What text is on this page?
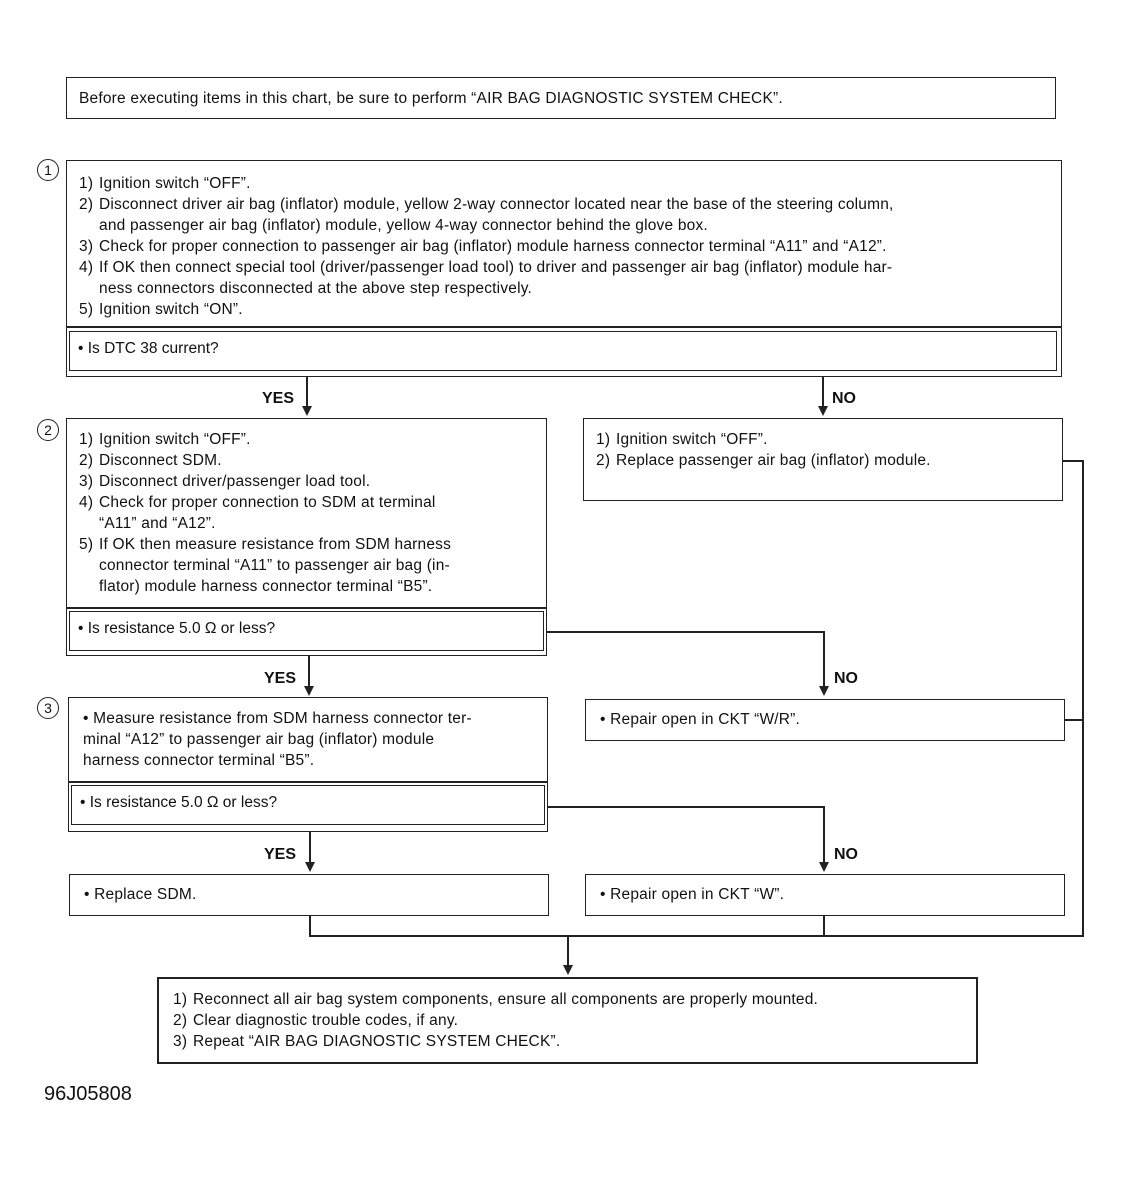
Before executing items in this chart, be sure to perform “AIR BAG DIAGNOSTIC SYSTEM CHECK”.
1
1) Ignition switch “OFF”.
2) Disconnect driver air bag (inflator) module, yellow 2-way connector located near the base of the steering column,
and passenger air bag (inflator) module, yellow 4-way connector behind the glove box.
3) Check for proper connection to passenger air bag (inflator) module harness connector terminal “A11” and “A12”.
4) If OK then connect special tool (driver/passenger load tool) to driver and passenger air bag (inflator) module har-
ness connectors disconnected at the above step respectively.
5) Ignition switch “ON”.
• Is DTC 38 current?
YES	NO
2
1) Ignition switch “OFF”.
2) Disconnect SDM.
3) Disconnect driver/passenger load tool.
4) Check for proper connection to SDM at terminal
“A11” and “A12”.
5) If OK then measure resistance from SDM harness
connector terminal “A11” to passenger air bag (in-
flator) module harness connector terminal “B5”.
• Is resistance 5.0 Ω or less?
1) Ignition switch “OFF”.
2) Replace passenger air bag (inflator) module.
YES	NO
3
• Measure resistance from SDM harness connector ter-
minal “A12” to passenger air bag (inflator) module
harness connector terminal “B5”.
• Is resistance 5.0 Ω or less?
• Repair open in CKT “W/R”.
YES	NO
• Replace SDM.	• Repair open in CKT “W”.
1) Reconnect all air bag system components, ensure all components are properly mounted.
2) Clear diagnostic trouble codes, if any.
3) Repeat “AIR BAG DIAGNOSTIC SYSTEM CHECK”.
96J05808
